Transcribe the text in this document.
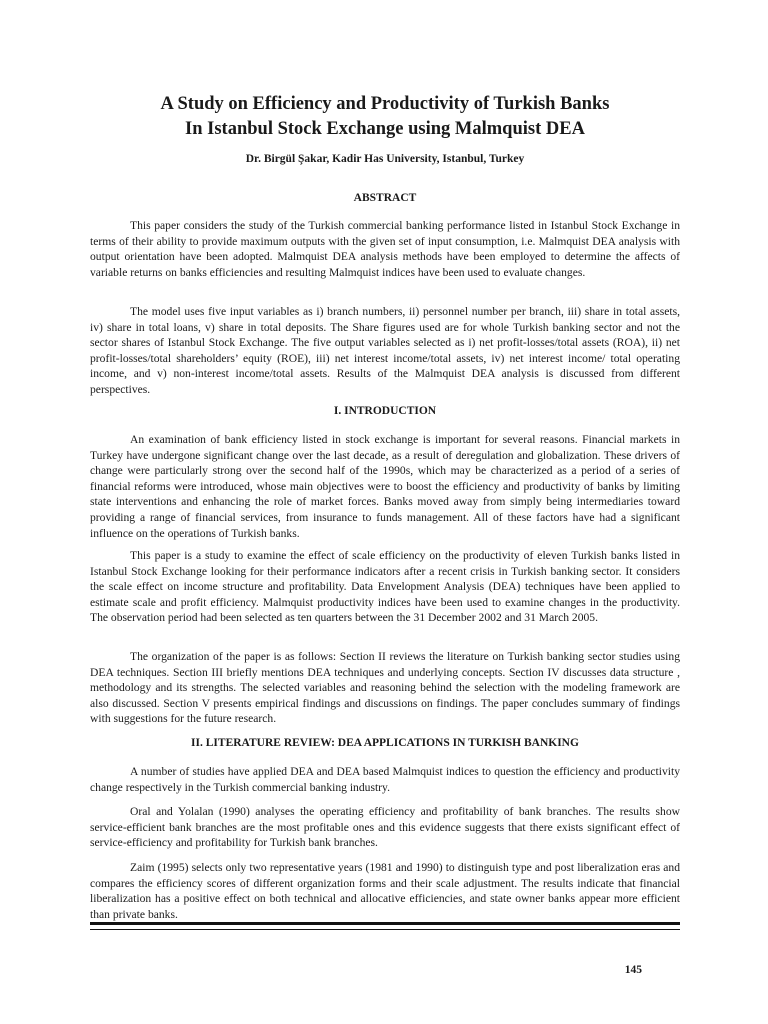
A Study on Efficiency and Productivity of Turkish Banks
In Istanbul Stock Exchange using Malmquist DEA
Dr. Birgül Şakar, Kadir Has University, Istanbul, Turkey
ABSTRACT

This paper considers the study of the Turkish commercial banking performance listed in Istanbul Stock Exchange in terms of their ability to provide maximum outputs with the given set of input consumption, i.e. Malmquist DEA analysis with output orientation have been adopted. Malmquist DEA analysis methods have been employed to determine the affects of variable returns on banks efficiencies and resulting Malmquist indices have been used to evaluate changes.

The model uses five input variables as i) branch numbers, ii) personnel number per branch, iii) share in total assets, iv) share in total loans, v) share in total deposits. The Share figures used are for whole Turkish banking sector and not the sector shares of Istanbul Stock Exchange. The five output variables selected as i) net profit-losses/total assets (ROA), ii) net profit-losses/total shareholders’ equity (ROE), iii) net interest income/total assets, iv) net interest income/ total operating income, and v) non-interest income/total assets. Results of the Malmquist DEA analysis is discussed from different perspectives.

I. INTRODUCTION

An examination of bank efficiency listed in stock exchange is important for several reasons. Financial markets in Turkey have undergone significant change over the last decade, as a result of deregulation and globalization. These drivers of change were particularly strong over the second half of the 1990s, which may be characterized as a period of a series of financial reforms were introduced, whose main objectives were to boost the efficiency and productivity of banks by limiting state interventions and enhancing the role of market forces. Banks moved away from simply being intermediaries toward providing a range of financial services, from insurance to funds management. All of these factors have had a significant influence on the operations of Turkish banks.

This paper is a study to examine the effect of scale efficiency on the productivity of eleven Turkish banks listed in Istanbul Stock Exchange looking for their performance indicators after a recent crisis in Turkish banking sector. It considers the scale effect on income structure and profitability. Data Envelopment Analysis (DEA) techniques have been applied to estimate scale and profit efficiency. Malmquist productivity indices have been used to examine changes in the productivity. The observation period had been selected as ten quarters between the 31 December 2002 and 31 March 2005.

The organization of the paper is as follows: Section II reviews the literature on Turkish banking sector studies using DEA techniques. Section III briefly mentions DEA techniques and underlying concepts. Section IV discusses data structure , methodology and its strengths. The selected variables and reasoning behind the selection with the modeling framework are also discussed. Section V presents empirical findings and discussions on findings. The paper concludes summary of findings with suggestions for the future research.

II. LITERATURE REVIEW: DEA APPLICATIONS IN TURKISH BANKING

A number of studies have applied DEA and DEA based Malmquist indices to question the efficiency and productivity change respectively in the Turkish commercial banking industry.

Oral and Yolalan (1990) analyses the operating efficiency and profitability of bank branches. The results show service-efficient bank branches are the most profitable ones and this evidence suggests that there exists significant effect of service-efficiency and profitability for Turkish bank branches.

Zaim (1995) selects only two representative years (1981 and 1990) to distinguish type and post liberalization eras and compares the efficiency scores of different organization forms and their scale adjustment. The results indicate that financial liberalization has a positive effect on both technical and allocative efficiencies, and state owner banks appear more efficient than private banks.

145
